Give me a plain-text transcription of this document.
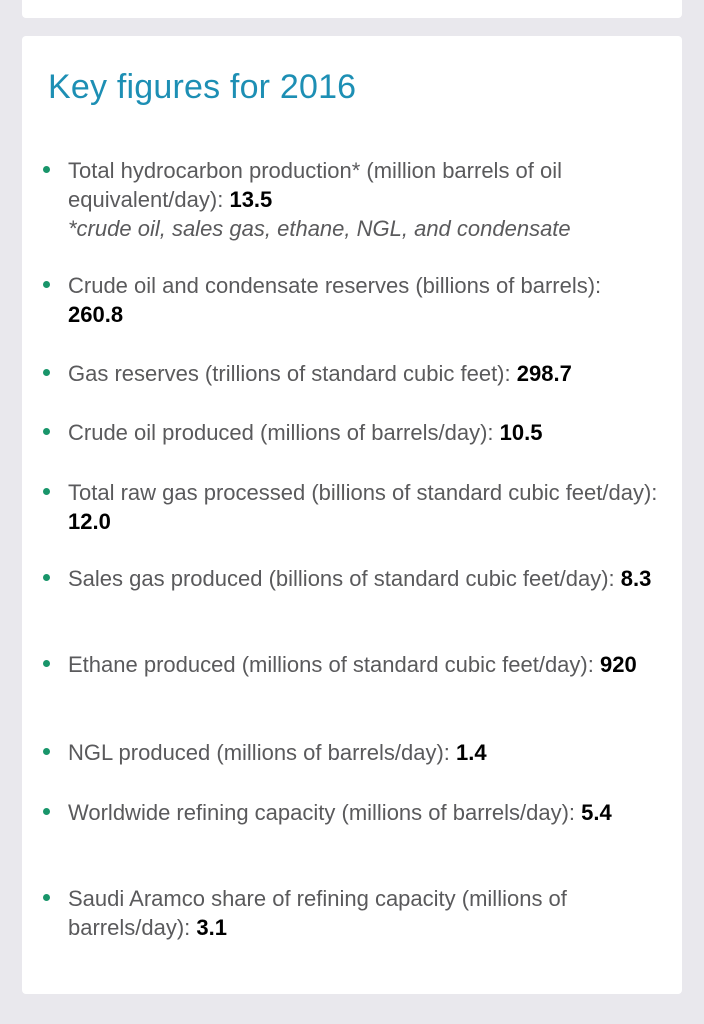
Key figures for 2016
Total hydrocarbon production* (million barrels of oil equivalent/day): 13.5
*crude oil, sales gas, ethane, NGL, and condensate
Crude oil and condensate reserves (billions of barrels): 260.8
Gas reserves (trillions of standard cubic feet): 298.7
Crude oil produced (millions of barrels/day): 10.5
Total raw gas processed (billions of standard cubic feet/day): 12.0
Sales gas produced (billions of standard cubic feet/day): 8.3
Ethane produced (millions of standard cubic feet/day): 920
NGL produced (millions of barrels/day): 1.4
Worldwide refining capacity (millions of barrels/day): 5.4
Saudi Aramco share of refining capacity (millions of barrels/day): 3.1
